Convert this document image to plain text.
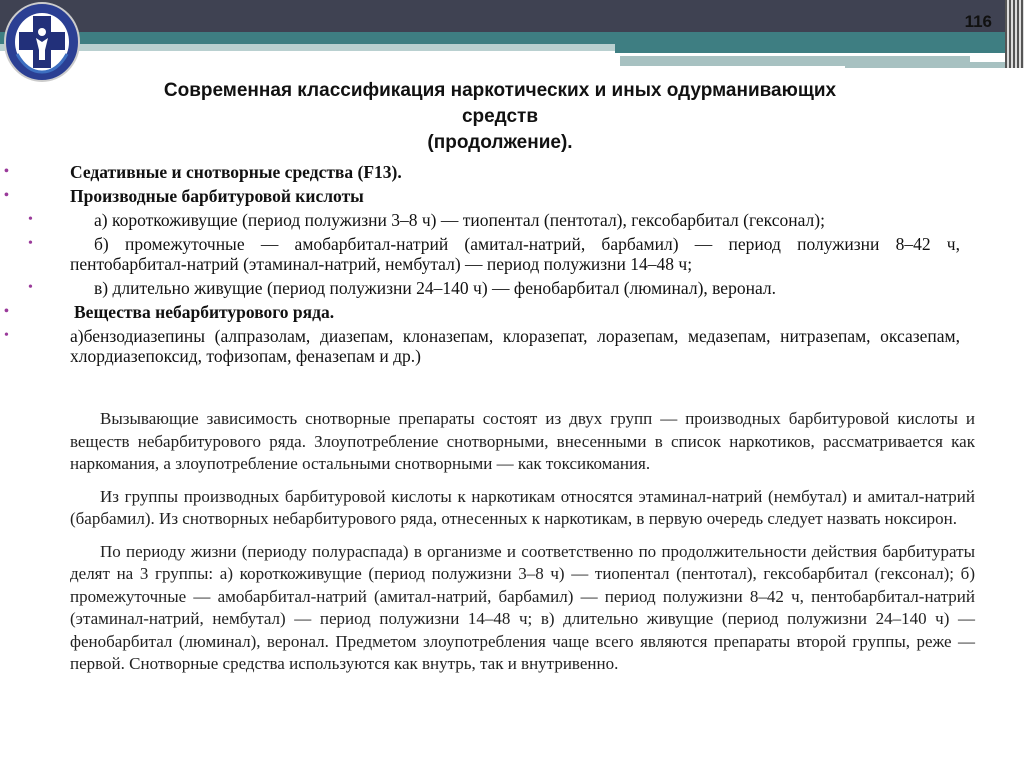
116
Современная классификация наркотических и иных одурманивающих
средств
(продолжение).
• Седативные и снотворные средства (F13).
• Производные барбитуровой кислоты
• а) короткоживущие (период полужизни 3–8 ч) — тиопентал (пентотал), гексобарбитал (гексонал);
• б) промежуточные — амобарбитал-натрий (амитал-натрий, барбамил) — период полужизни 8–42 ч, пентобарбитал-натрий (этаминал-натрий, нембутал) — период полужизни 14–48 ч;
• в) длительно живущие (период полужизни 24–140 ч) — фенобарбитал (люминал), веронал.
• Вещества небарбитурового ряда.
• а)бензодиазепины (алпразолам, диазепам, клоназепам, клоразепат, лоразепам, медазепам, нитразепам, оксазепам, хлордиазепоксид, тофизопам, феназепам и др.)

Вызывающие зависимость снотворные препараты состоят из двух групп — производных барбитуровой кислоты и веществ небарбитурового ряда. Злоупотребление снотворными, внесенными в список наркотиков, рассматривается как наркомания, а злоупотребление остальными снотворными — как токсикомания.

Из группы производных барбитуровой кислоты к наркотикам относятся этаминал-натрий (нембутал) и амитал-натрий (барбамил). Из снотворных небарбитурового ряда, отнесенных к наркотикам, в первую очередь следует назвать ноксирон.

По периоду жизни (периоду полураспада) в организме и соответственно по продолжительности действия барбитураты делят на 3 группы: а) короткоживущие (период полужизни 3–8 ч) — тиопентал (пентотал), гексобарбитал (гексонал); б) промежуточные — амобарбитал-натрий (амитал-натрий, барбамил) — период полужизни 8–42 ч, пентобарбитал-натрий (этаминал-натрий, нембутал) — период полужизни 14–48 ч; в) длительно живущие (период полужизни 24–140 ч) — фенобарбитал (люминал), веронал. Предметом злоупотребления чаще всего являются препараты второй группы, реже — первой. Снотворные средства используются как внутрь, так и внутривенно.
